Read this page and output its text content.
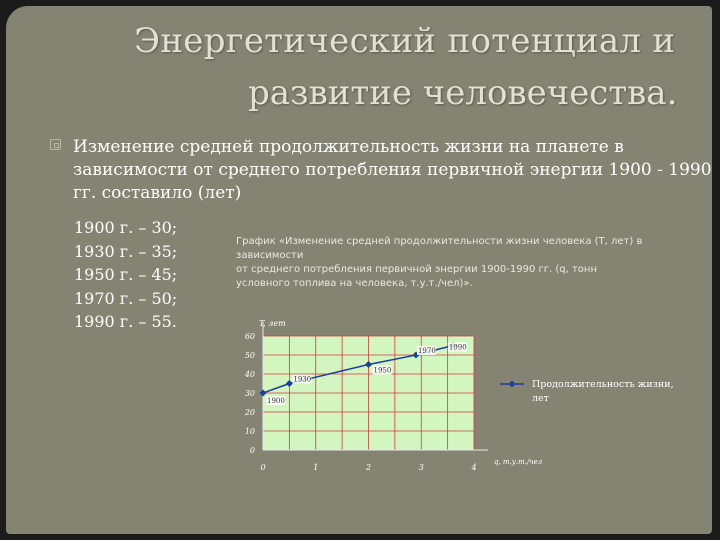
Энергетический потенциал и
развитие человечества.
Изменение средней продолжительность жизни на планете в зависимости от среднего потребления первичной энергии 1900 - 1990 гг. составило (лет)
1900 г. – 30;
1930 г. – 35;
1950 г. – 45;
1970 г. – 50;
1990 г. – 55.
График «Изменение средней продолжительности жизни человека (Т, лет) в
зависимости
от среднего потребления первичной энергии 1900-1990 гг. (q, тонн
условного топлива на человека, т.у.т./чел)».
0
10
20
30
40
50
60
0	1	2	3	4
T, лет
q, т.у.т./чел
1900
1930
1950
1970 1990
Продолжительность жизни,
лет
